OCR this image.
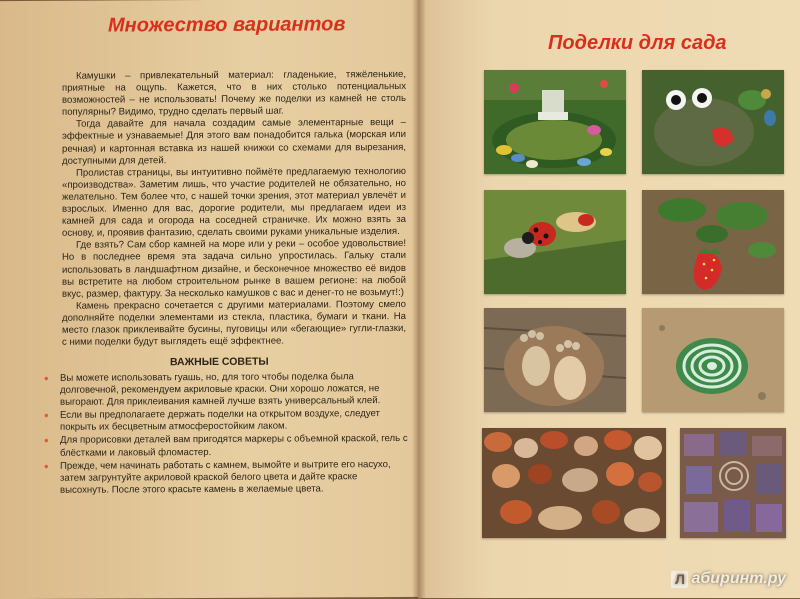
Множество вариантов

Камушки – привлекательный материал: гладенькие, тяжёленькие, приятные на ощупь. Кажется, что в них столько потенциальных возможностей – не использовать! Почему же поделки из камней не столь популярны? Видимо, трудно сделать первый шаг.

Тогда давайте для начала создадим самые элементарные вещи – эффектные и узнаваемые! Для этого вам понадобится галька (морская или речная) и картонная вставка из нашей книжки со схемами для вырезания, доступными для детей.

Пролистав страницы, вы интуитивно поймёте предлагаемую технологию «производства». Заметим лишь, что участие родителей не обязательно, но желательно. Тем более что, с нашей точки зрения, этот материал увлечёт и взрослых. Именно для вас, дорогие родители, мы предлагаем идеи из камней для сада и огорода на соседней страничке. Их можно взять за основу, и, проявив фантазию, сделать своими руками уникальные изделия.

Где взять? Сам сбор камней на море или у реки – особое удовольствие! Но в последнее время эта задача сильно упростилась. Гальку стали использовать в ландшафтном дизайне, и бесконечное множество её видов вы встретите на любом строительном рынке в вашем регионе: на любой вкус, размер, фактуру. За несколько камушков с вас и денег-то не возьмут!:)

Камень прекрасно сочетается с другими материалами. Поэтому смело дополняйте поделки элементами из стекла, пластика, бумаги и ткани. На место глазок приклеивайте бусины, пуговицы или «бегающие» гугли-глазки, с ними поделки будут выглядеть ещё эффектнее.

ВАЖНЫЕ СОВЕТЫ
• Вы можете использовать гуашь, но, для того чтобы поделка была долговечной, рекомендуем акриловые краски. Они хорошо ложатся, не выгорают. Для приклеивания камней лучше взять универсальный клей.
• Если вы предполагаете держать поделки на открытом воздухе, следует покрыть их бесцветным атмосферостойким лаком.
• Для прорисовки деталей вам пригодятся маркеры с объемной краской, гель с блёстками и лаковый фломастер.
• Прежде, чем начинать работать с камнем, вымойте и вытрите его насухо, затем загрунтуйте акриловой краской белого цвета и дайте краске высохнуть. После этого красьте камень в желаемые цвета.
Поделки для сада
Л абиринт.ру
